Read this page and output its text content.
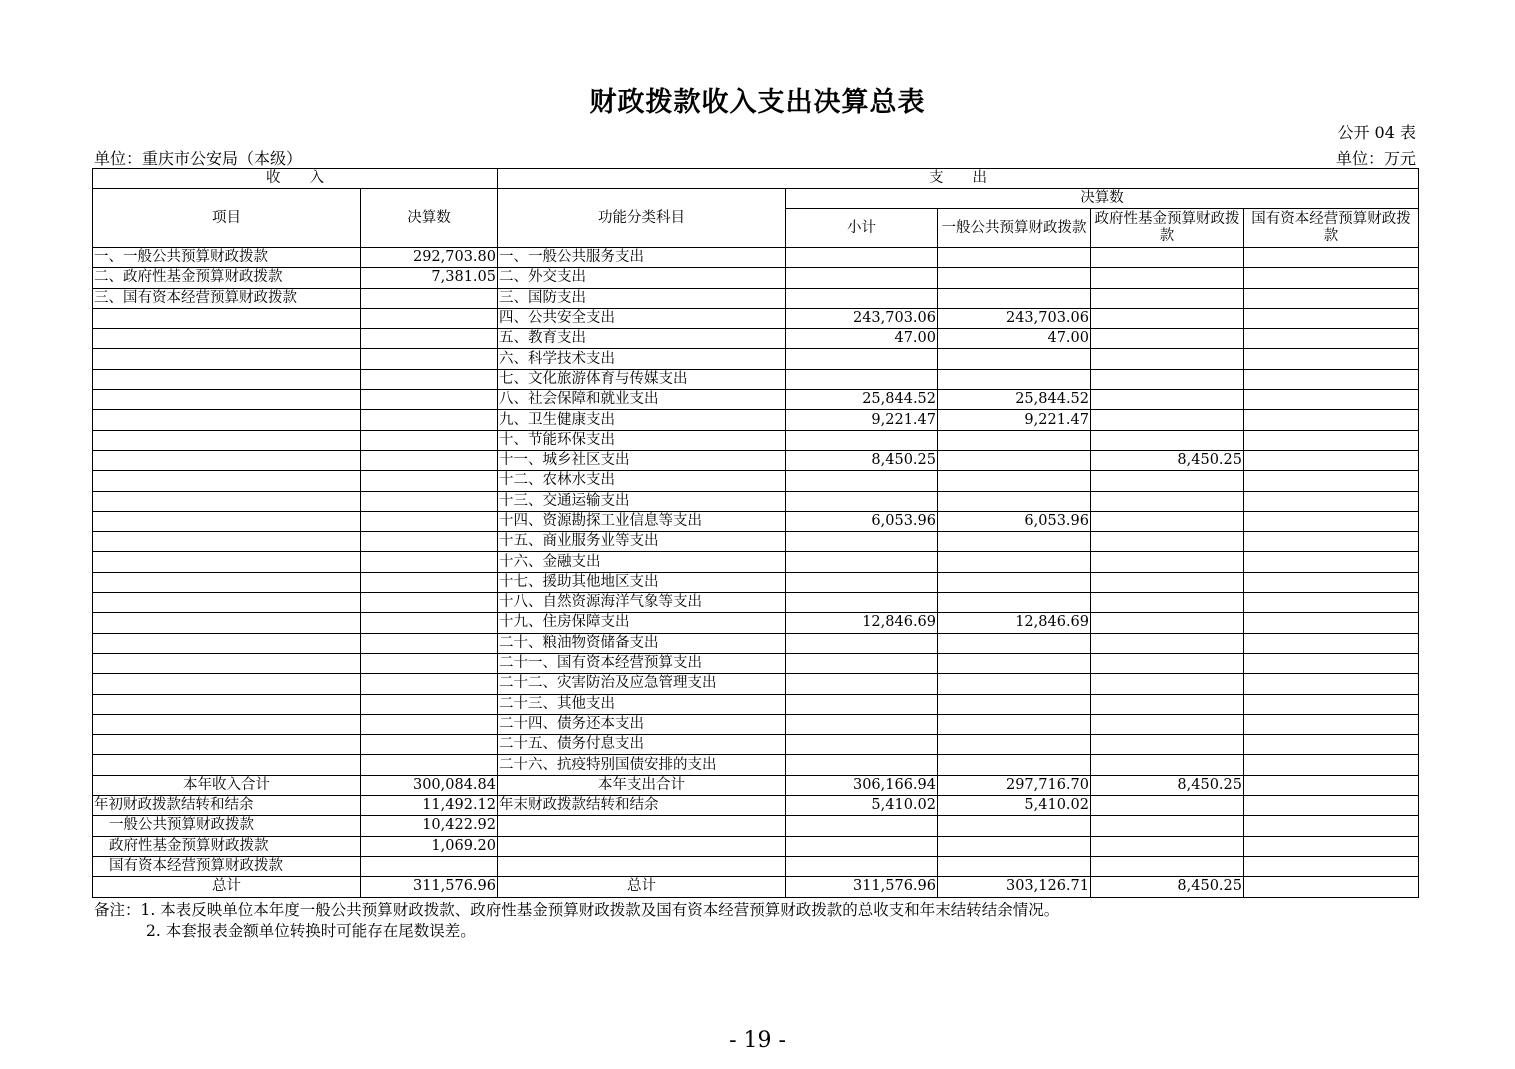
财政拨款收入支出决算总表
公开 04 表
单位：重庆市公安局（本级）	单位：万元
收　　入		支　　出				
项目	决算数	功能分类科目	决算数			
			小计	一般公共预算财政拨款	政府性基金预算财政拨款	国有资本经营预算财政拨款
一、一般公共预算财政拨款	292,703.80	一、一般公共服务支出				
二、政府性基金预算财政拨款	7,381.05	二、外交支出				
三、国有资本经营预算财政拨款		三、国防支出				
		四、公共安全支出	243,703.06	243,703.06		
		五、教育支出	47.00	47.00		
		六、科学技术支出				
		七、文化旅游体育与传媒支出				
		八、社会保障和就业支出	25,844.52	25,844.52		
		九、卫生健康支出	9,221.47	9,221.47		
		十、节能环保支出				
		十一、城乡社区支出	8,450.25		8,450.25	
		十二、农林水支出				
		十三、交通运输支出				
		十四、资源勘探工业信息等支出	6,053.96	6,053.96		
		十五、商业服务业等支出				
		十六、金融支出				
		十七、援助其他地区支出				
		十八、自然资源海洋气象等支出				
		十九、住房保障支出	12,846.69	12,846.69		
		二十、粮油物资储备支出				
		二十一、国有资本经营预算支出				
		二十二、灾害防治及应急管理支出				
		二十三、其他支出				
		二十四、债务还本支出				
		二十五、债务付息支出				
		二十六、抗疫特别国债安排的支出				
本年收入合计	300,084.84	本年支出合计	306,166.94	297,716.70	8,450.25	
年初财政拨款结转和结余	11,492.12	年末财政拨款结转和结余	5,410.02	5,410.02		
一般公共预算财政拨款	10,422.92					
政府性基金预算财政拨款	1,069.20					
国有资本经营预算财政拨款						
总计	311,576.96	总计	311,576.96	303,126.71	8,450.25	
备注：1. 本表反映单位本年度一般公共预算财政拨款、政府性基金预算财政拨款及国有资本经营预算财政拨款的总收支和年末结转结余情况。
2. 本套报表金额单位转换时可能存在尾数误差。
- 19 -
